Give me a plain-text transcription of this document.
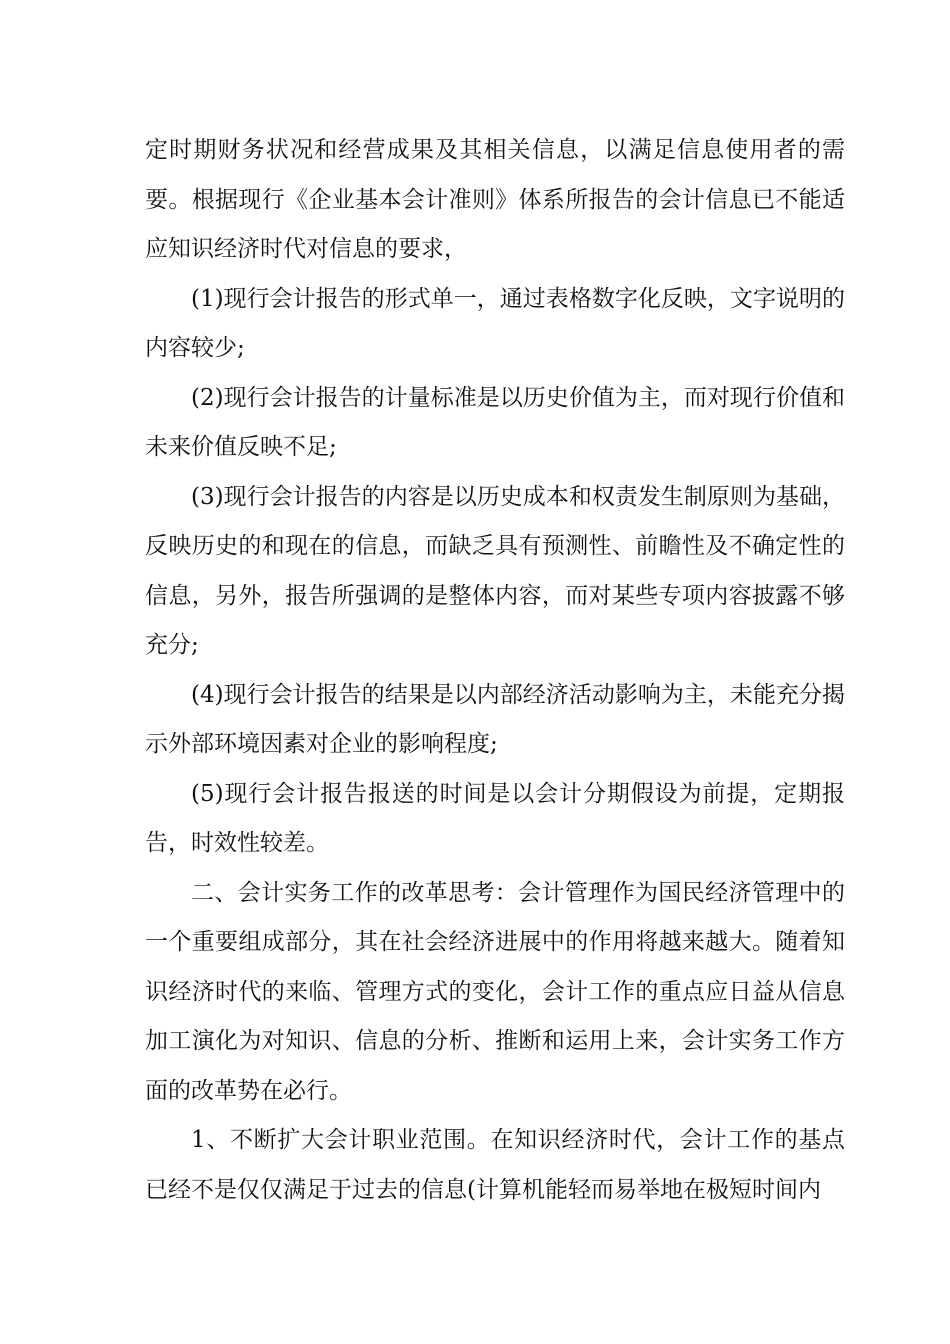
定时期财务状况和经营成果及其相关信息，以满足信息使用者的需要。根据现行《企业基本会计准则》体系所报告的会计信息已不能适应知识经济时代对信息的要求，

(1)现行会计报告的形式单一，通过表格数字化反映，文字说明的内容较少;

(2)现行会计报告的计量标准是以历史价值为主，而对现行价值和未来价值反映不足;

(3)现行会计报告的内容是以历史成本和权责发生制原则为基础，反映历史的和现在的信息，而缺乏具有预测性、前瞻性及不确定性的信息，另外，报告所强调的是整体内容，而对某些专项内容披露不够充分;

(4)现行会计报告的结果是以内部经济活动影响为主，未能充分揭示外部环境因素对企业的影响程度;

(5)现行会计报告报送的时间是以会计分期假设为前提，定期报告，时效性较差。

二、会计实务工作的改革思考：会计管理作为国民经济管理中的一个重要组成部分，其在社会经济进展中的作用将越来越大。随着知识经济时代的来临、管理方式的变化，会计工作的重点应日益从信息加工演化为对知识、信息的分析、推断和运用上来，会计实务工作方面的改革势在必行。

1、不断扩大会计职业范围。在知识经济时代，会计工作的基点已经不是仅仅满足于过去的信息(计算机能轻而易举地在极短时间内
